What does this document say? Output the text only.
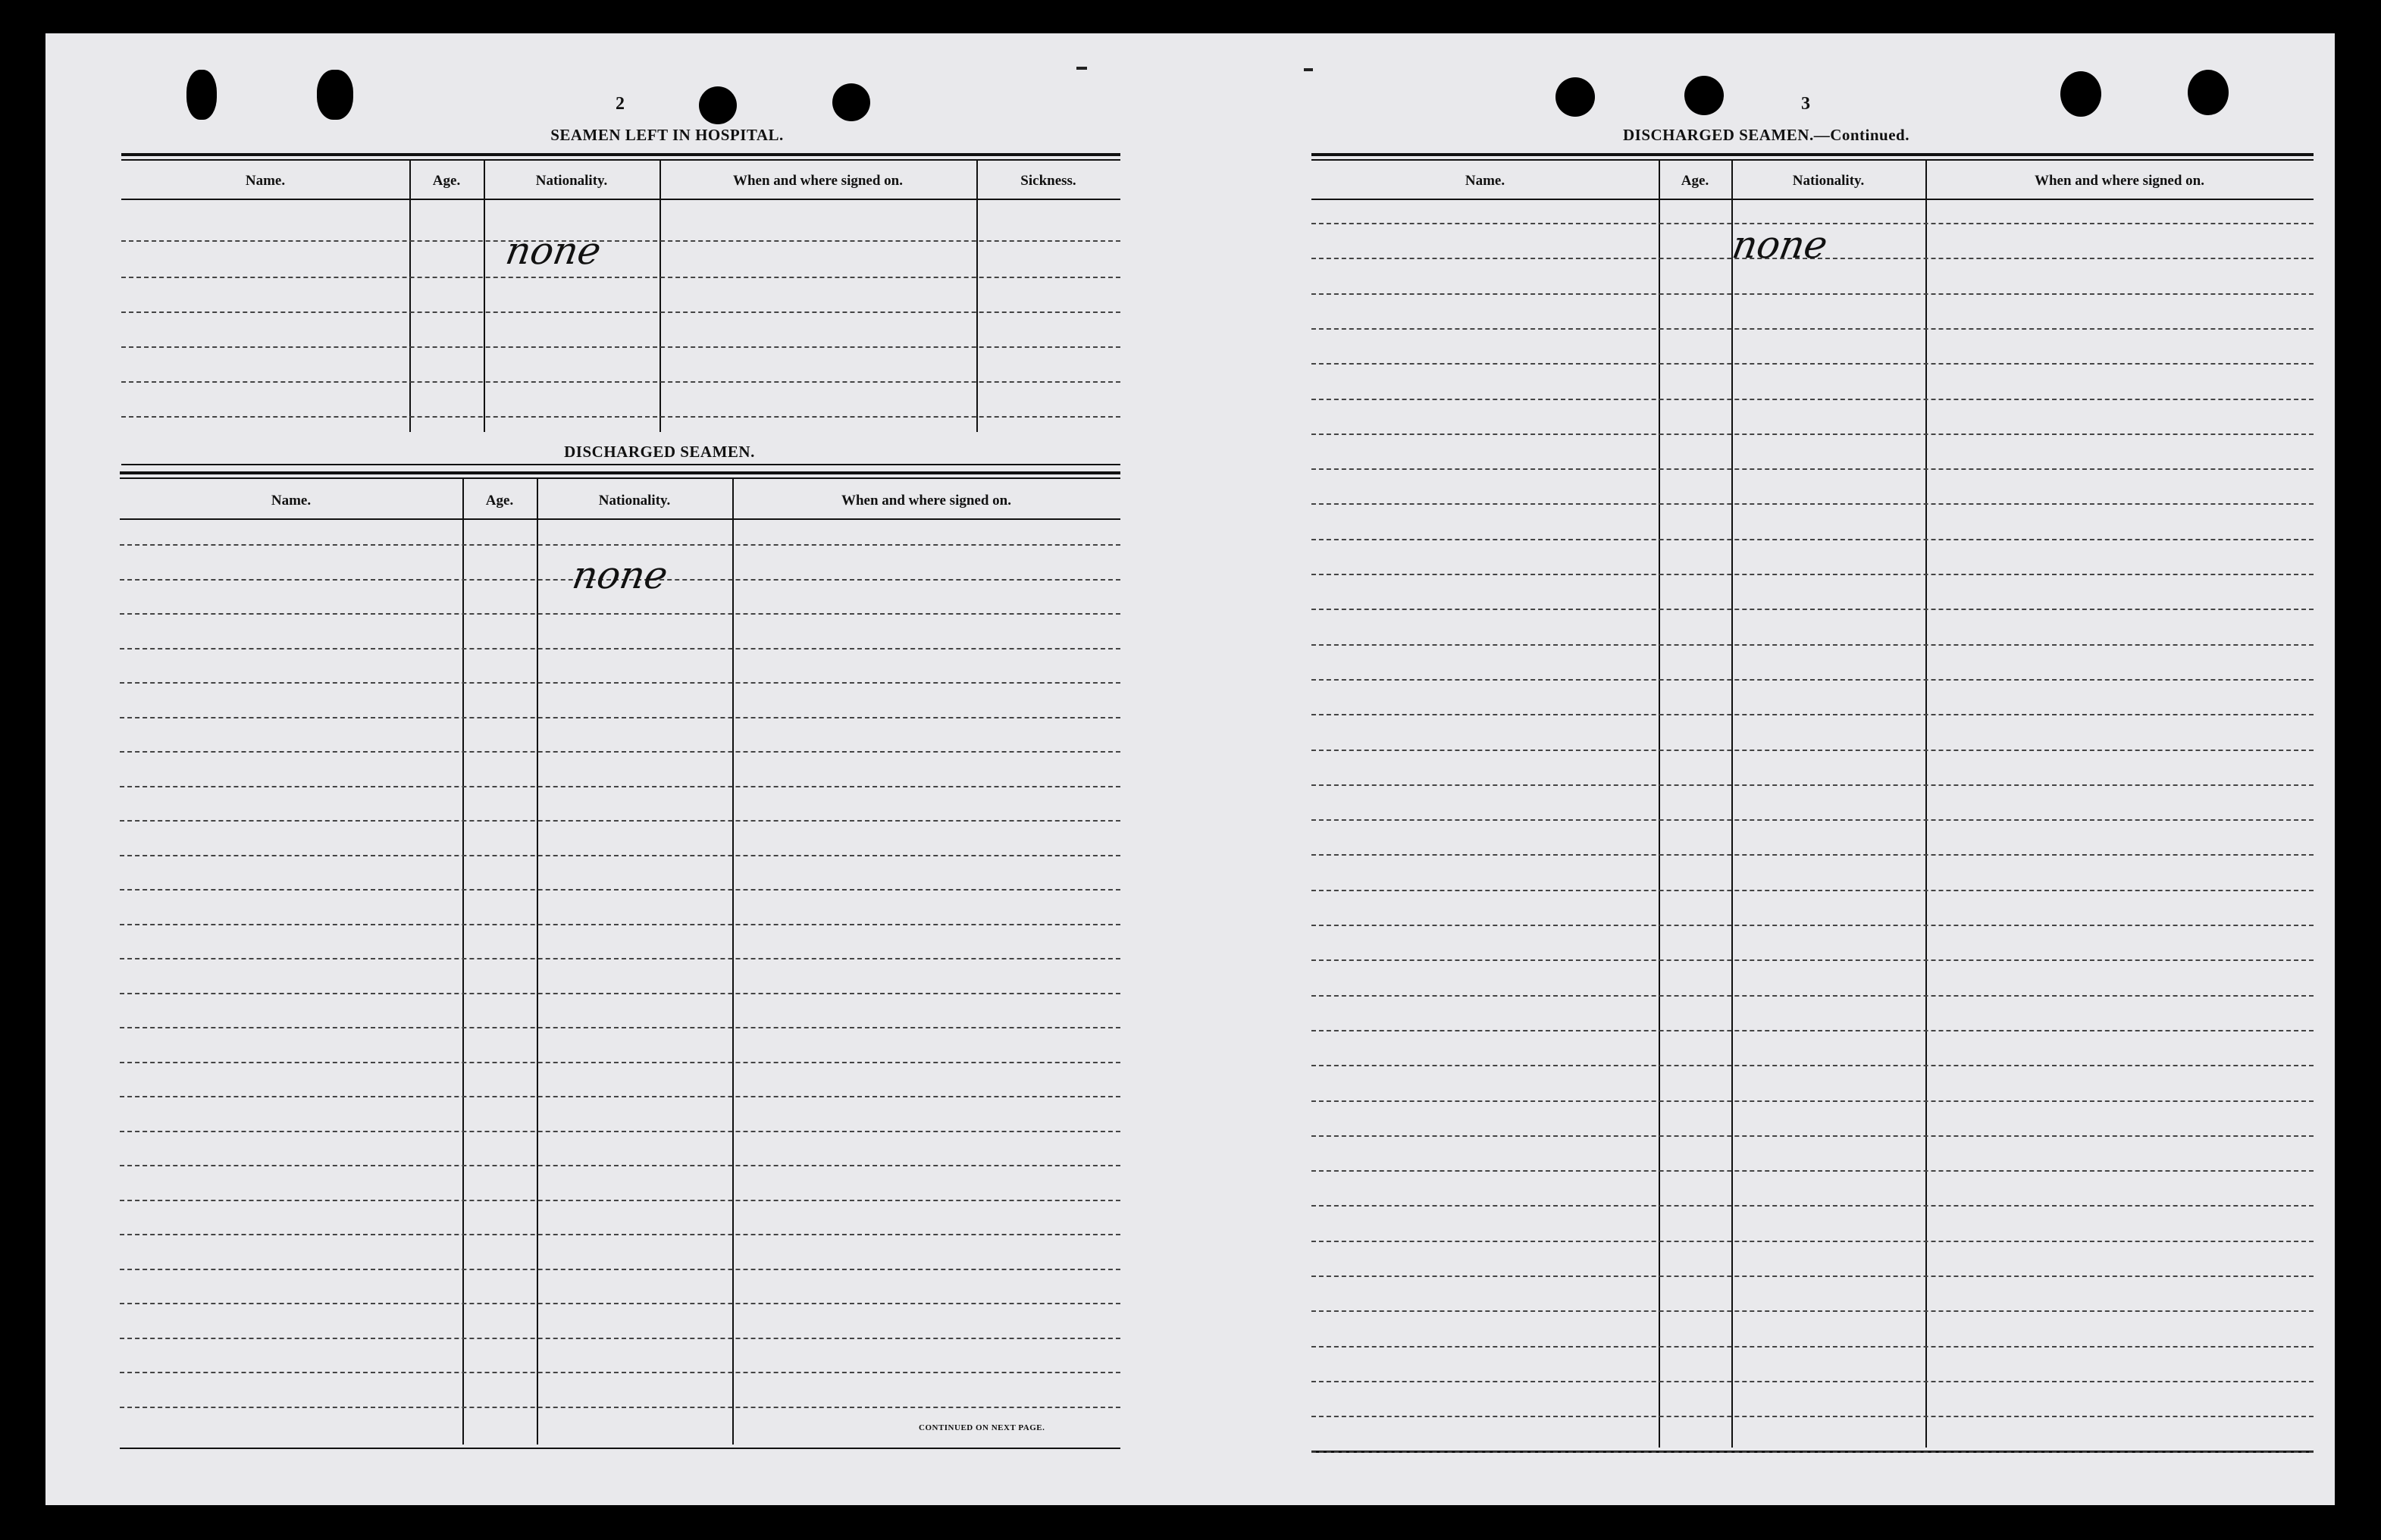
2
SEAMEN LEFT IN HOSPITAL.
Name.	Age.	Nationality.	When and where signed on.	Sickness.
none
DISCHARGED SEAMEN.
Name.	Age.	Nationality.	When and where signed on.
none
CONTINUED ON NEXT PAGE.
3
DISCHARGED SEAMEN.—Continued.
Name.	Age.	Nationality.	When and where signed on.
none
